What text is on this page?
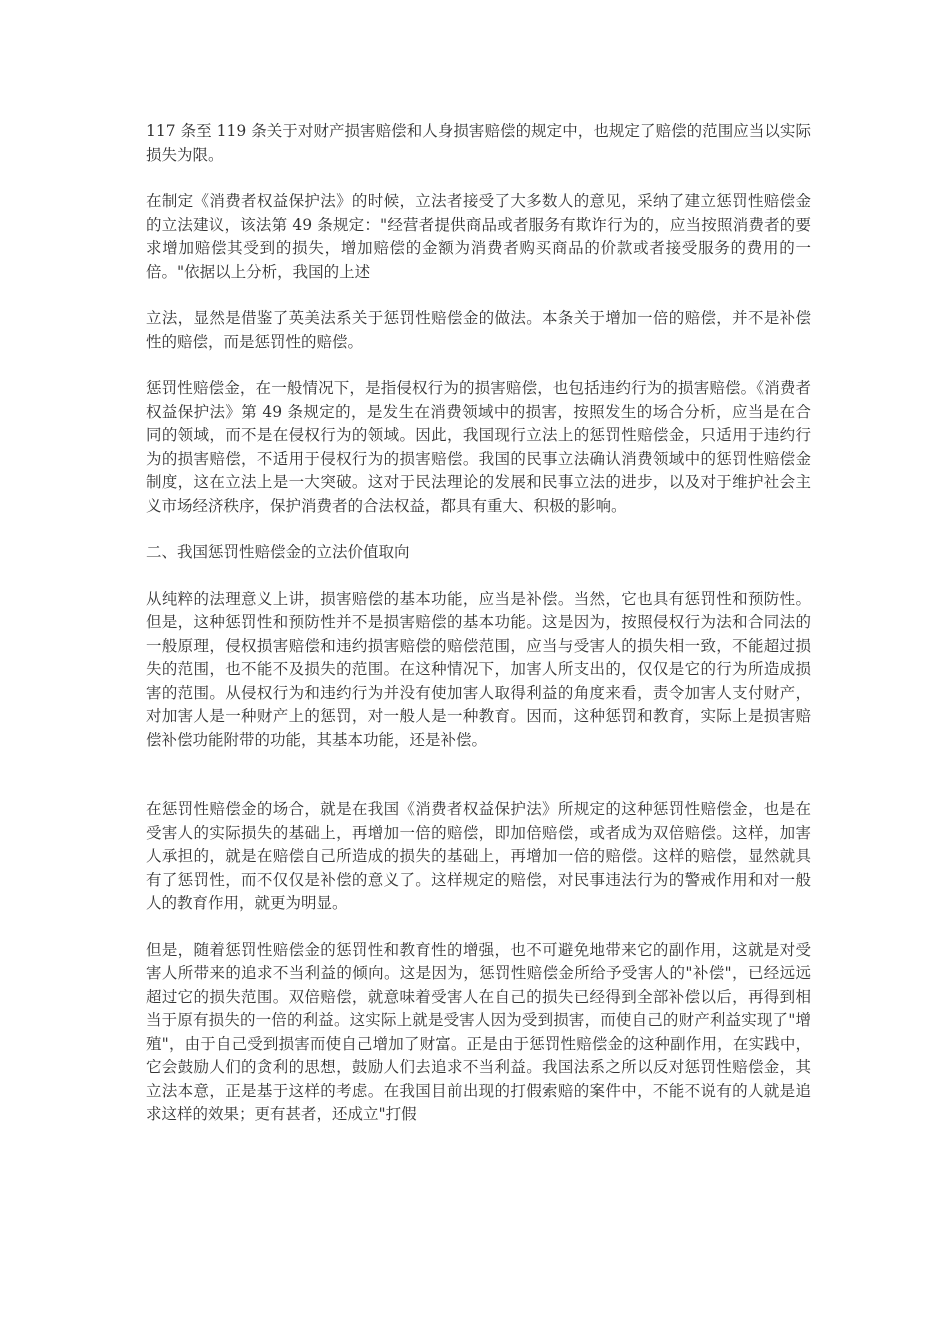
117 条至 119 条关于对财产损害赔偿和人身损害赔偿的规定中，也规定了赔偿的范围应当以实际损失为限。

在制定《消费者权益保护法》的时候，立法者接受了大多数人的意见，采纳了建立惩罚性赔偿金的立法建议，该法第 49 条规定："经营者提供商品或者服务有欺诈行为的，应当按照消费者的要求增加赔偿其受到的损失，增加赔偿的金额为消费者购买商品的价款或者接受服务的费用的一倍。"依据以上分析，我国的上述

立法，显然是借鉴了英美法系关于惩罚性赔偿金的做法。本条关于增加一倍的赔偿，并不是补偿性的赔偿，而是惩罚性的赔偿。

惩罚性赔偿金，在一般情况下，是指侵权行为的损害赔偿，也包括违约行为的损害赔偿。《消费者权益保护法》第 49 条规定的，是发生在消费领域中的损害，按照发生的场合分析，应当是在合同的领域，而不是在侵权行为的领域。因此，我国现行立法上的惩罚性赔偿金，只适用于违约行为的损害赔偿，不适用于侵权行为的损害赔偿。我国的民事立法确认消费领域中的惩罚性赔偿金制度，这在立法上是一大突破。这对于民法理论的发展和民事立法的进步，以及对于维护社会主义市场经济秩序，保护消费者的合法权益，都具有重大、积极的影响。

二、我国惩罚性赔偿金的立法价值取向

从纯粹的法理意义上讲，损害赔偿的基本功能，应当是补偿。当然，它也具有惩罚性和预防性。但是，这种惩罚性和预防性并不是损害赔偿的基本功能。这是因为，按照侵权行为法和合同法的一般原理，侵权损害赔偿和违约损害赔偿的赔偿范围，应当与受害人的损失相一致，不能超过损失的范围，也不能不及损失的范围。在这种情况下，加害人所支出的，仅仅是它的行为所造成损害的范围。从侵权行为和违约行为并没有使加害人取得利益的角度来看，责令加害人支付财产，对加害人是一种财产上的惩罚，对一般人是一种教育。因而，这种惩罚和教育，实际上是损害赔偿补偿功能附带的功能，其基本功能，还是补偿。

在惩罚性赔偿金的场合，就是在我国《消费者权益保护法》所规定的这种惩罚性赔偿金，也是在受害人的实际损失的基础上，再增加一倍的赔偿，即加倍赔偿，或者成为双倍赔偿。这样，加害人承担的，就是在赔偿自己所造成的损失的基础上，再增加一倍的赔偿。这样的赔偿，显然就具有了惩罚性，而不仅仅是补偿的意义了。这样规定的赔偿，对民事违法行为的警戒作用和对一般人的教育作用，就更为明显。

但是，随着惩罚性赔偿金的惩罚性和教育性的增强，也不可避免地带来它的副作用，这就是对受害人所带来的追求不当利益的倾向。这是因为，惩罚性赔偿金所给予受害人的"补偿"，已经远远超过它的损失范围。双倍赔偿，就意味着受害人在自己的损失已经得到全部补偿以后，再得到相当于原有损失的一倍的利益。这实际上就是受害人因为受到损害，而使自己的财产利益实现了"增殖"，由于自己受到损害而使自己增加了财富。正是由于惩罚性赔偿金的这种副作用，在实践中，它会鼓励人们的贪利的思想，鼓励人们去追求不当利益。我国法系之所以反对惩罚性赔偿金，其立法本意，正是基于这样的考虑。在我国目前出现的打假索赔的案件中，不能不说有的人就是追求这样的效果；更有甚者，还成立"打假
